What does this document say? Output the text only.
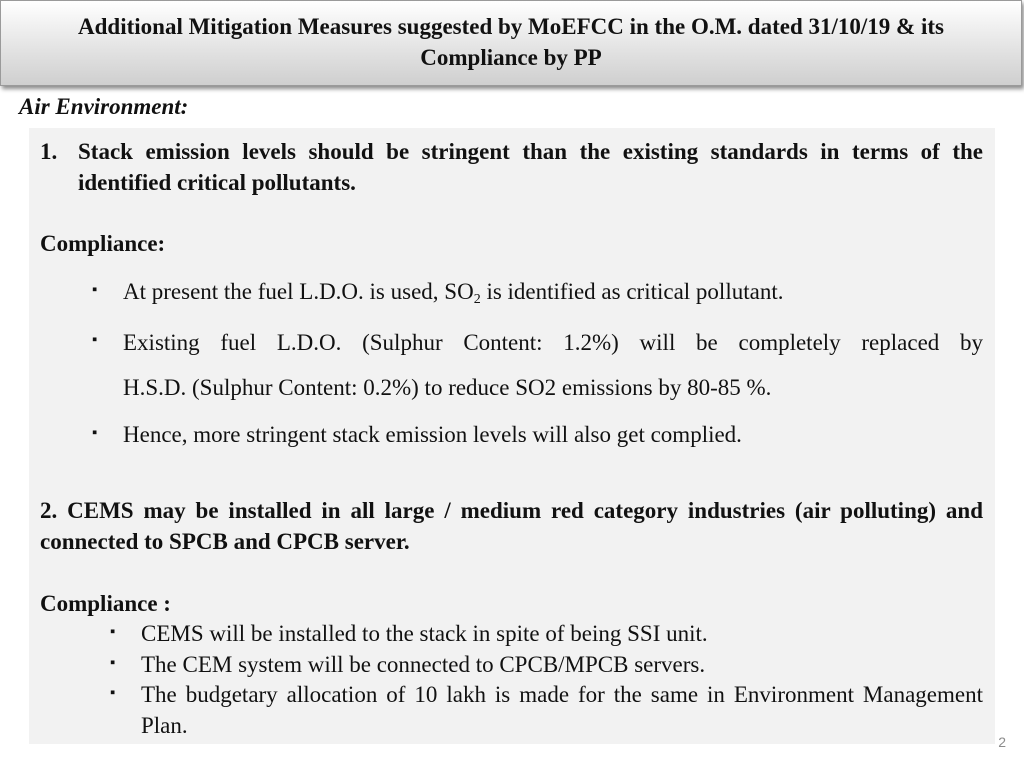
Additional Mitigation Measures suggested by MoEFCC in the O.M. dated 31/10/19 & its Compliance by PP
Air Environment:
1. Stack emission levels should be stringent than the existing standards in terms of the identified critical pollutants.
Compliance:
▪ At present the fuel L.D.O. is used, $SO_2$ is identified as critical pollutant.
▪ Existing fuel L.D.O. (Sulphur Content: 1.2%) will be completely replaced by
H.S.D. (Sulphur Content: 0.2%) to reduce SO2 emissions by 80-85 %.
▪ Hence, more stringent stack emission levels will also get complied.
2. CEMS may be installed in all large / medium red category industries (air polluting) and connected to SPCB and CPCB server.
Compliance :
▪ CEMS will be installed to the stack in spite of being SSI unit.
▪ The CEM system will be connected to CPCB/MPCB servers.
▪ The budgetary allocation of 10 lakh is made for the same in Environment Management Plan.
2
